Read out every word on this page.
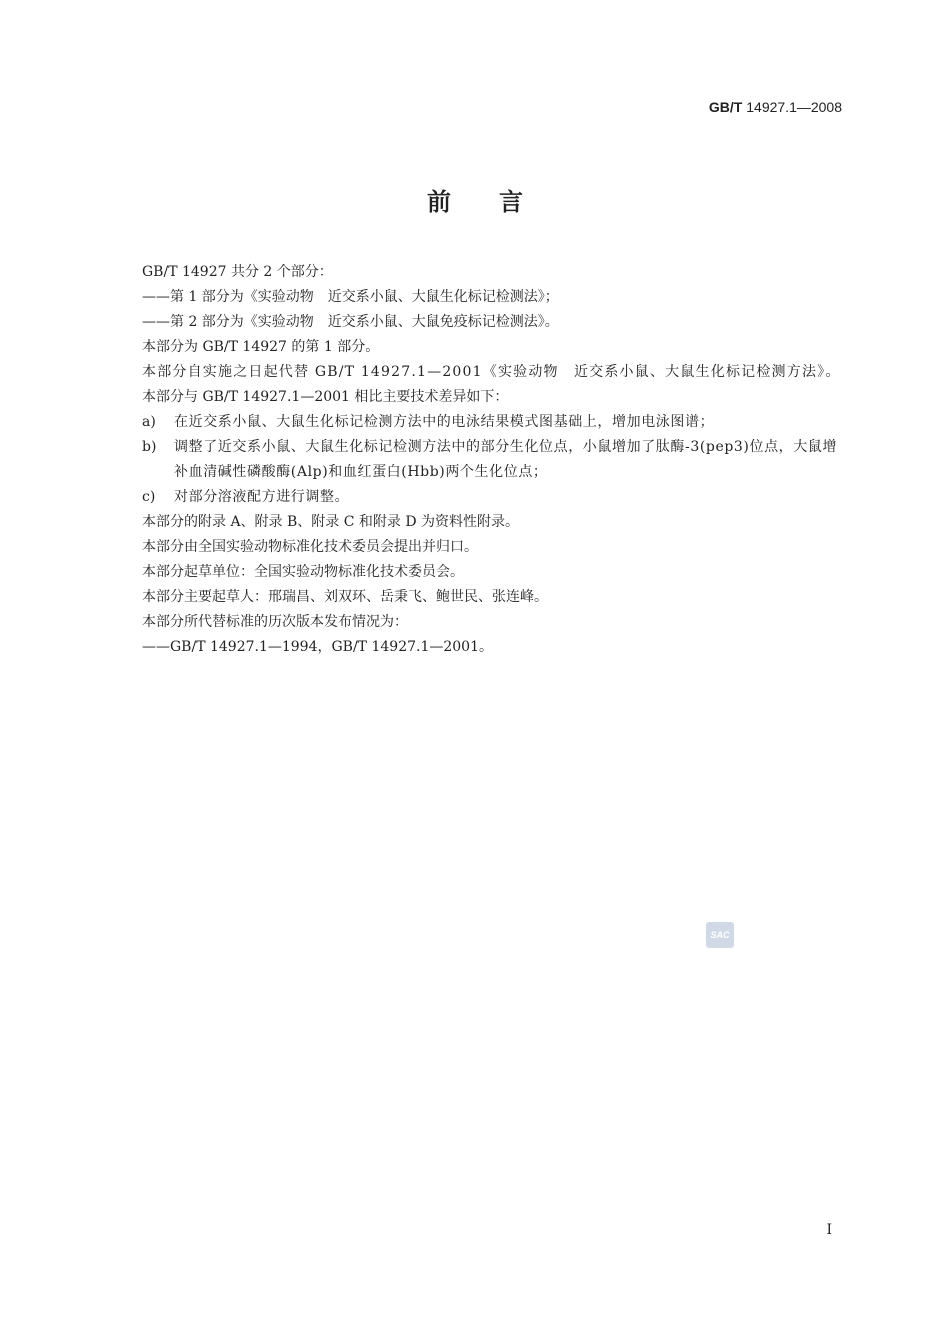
GB/T 14927.1—2008
前言

GB/T 14927 共分 2 个部分：

——第 1 部分为《实验动物　近交系小鼠、大鼠生化标记检测法》；

——第 2 部分为《实验动物　近交系小鼠、大鼠免疫标记检测法》。

本部分为 GB/T 14927 的第 1 部分。

本部分自实施之日起代替 GB/T 14927.1—2001《实验动物　近交系小鼠、大鼠生化标记检测方法》。

本部分与 GB/T 14927.1—2001 相比主要技术差异如下：

a)	在近交系小鼠、大鼠生化标记检测方法中的电泳结果模式图基础上，增加电泳图谱；
b)	调整了近交系小鼠、大鼠生化标记检测方法中的部分生化位点，小鼠增加了肽酶-3(pep3)位点，大鼠增补血清碱性磷酸酶(Alp)和血红蛋白(Hbb)两个生化位点；
c)	对部分溶液配方进行调整。

本部分的附录 A、附录 B、附录 C 和附录 D 为资料性附录。

本部分由全国实验动物标准化技术委员会提出并归口。

本部分起草单位：全国实验动物标准化技术委员会。

本部分主要起草人：邢瑞昌、刘双环、岳秉飞、鲍世民、张连峰。

本部分所代替标准的历次版本发布情况为：

——GB/T 14927.1—1994，GB/T 14927.1—2001。

SAC
I
